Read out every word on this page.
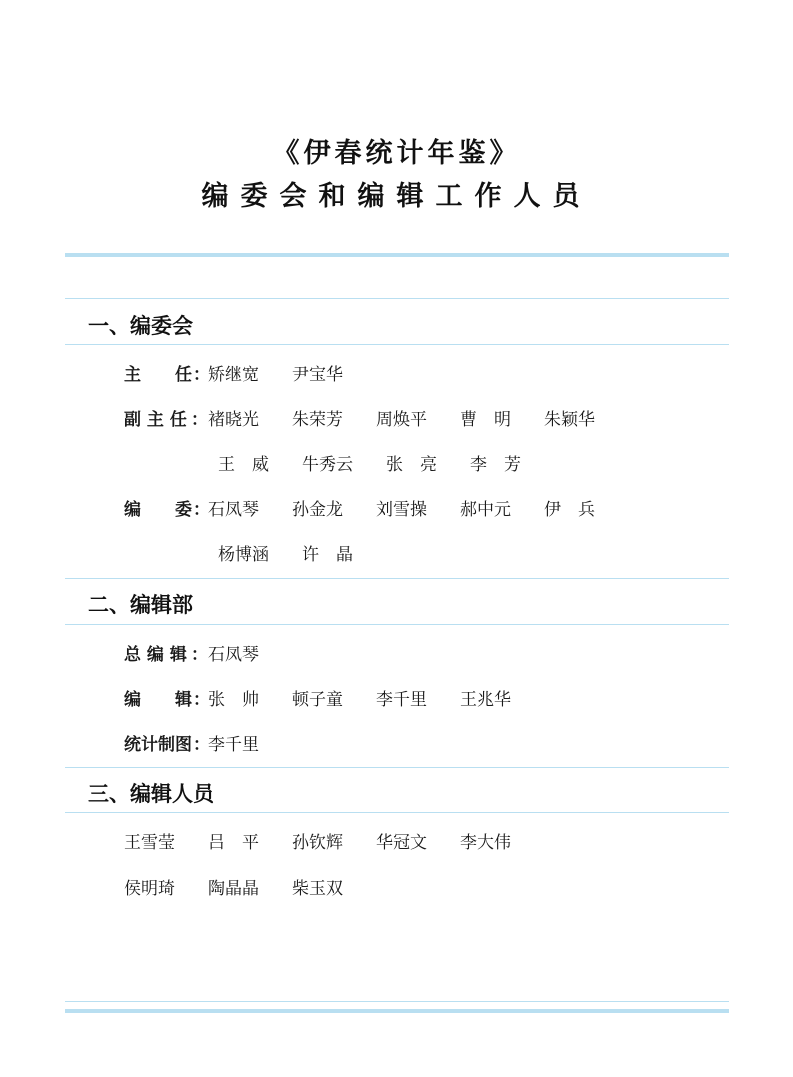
《伊春统计年鉴》
编委会和编辑工作人员
一、编委会
主　　任 ：
矫继宽	尹宝华
副 主 任 ： 褚晓光	朱荣芳	周焕平	曹　明	朱颖华
王　威	牛秀云	张　亮	李　芳
编　　委 ：
石凤琴	孙金龙	刘雪操	郝中元	伊　兵
杨博涵	许　晶
二、编辑部
总 编 辑 ： 石凤琴
编　　辑 ：
张　帅	顿子童	李千里	王兆华
统计制图 ：
李千里
三、编辑人员
王雪莹	吕　平	孙钦辉	华冠文	李大伟
侯明琦	陶晶晶	柴玉双
